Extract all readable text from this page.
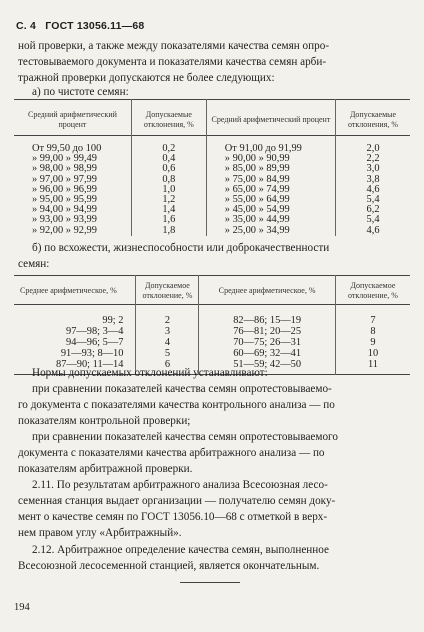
С. 4 ГОСТ 13056.11—68
ной проверки, а также между показателями качества семян опро-
тестовываемого документа и показателями качества семян арби-
тражной проверки допускаются не более следующих:
а) по чистоте семян:
Средний арифметический процент	Допускаемые отклонения, %	Средний арифметический процент	Допускаемые отклонения, %
От 99,50 до 100	0,2	От 91,00 до 91,99	2,0
» 99,00 » 99,49	0,4	» 90,00 » 90,99	2,2
» 98,00 » 98,99	0,6	» 85,00 » 89,99	3,0
» 97,00 » 97,99	0,8	» 75,00 » 84,99	3,8
» 96,00 » 96,99	1,0	» 65,00 » 74,99	4,6
» 95,00 » 95,99	1,2	» 55,00 » 64,99	5,4
» 94,00 » 94,99	1,4	» 45,00 » 54,99	6,2
» 93,00 » 93,99	1,6	» 35,00 » 44,99	5,4
» 92,00 » 92,99	1,8	» 25,00 » 34,99	4,6
б) по всхожести, жизнеспособности или доброкачественности
семян:
Среднее арифметическое, %	Допускаемое отклонение, %	Среднее арифметическое, %	Допускаемое отклонение, %
99; 2	2	82—86; 15—19	7
97—98; 3—4	3	76—81; 20—25	8
94—96; 5—7	4	70—75; 26—31	9
91—93; 8—10	5	60—69; 32—41	10
87—90; 11—14	6	51—59; 42—50	11
Нормы допускаемых отклонений устанавливают:
при сравнении показателей качества семян опротестовываемо-
го документа с показателями качества контрольного анализа — по
показателям контрольной проверки;
при сравнении показателей качества семян опротестовываемого
документа с показателями качества арбитражного анализа — по
показателям арбитражной проверки.
2.11. По результатам арбитражного анализа Всесоюзная лесо-
семенная станция выдает организации — получателю семян доку-
мент о качестве семян по ГОСТ 13056.10—68 с отметкой в верх-
нем правом углу «Арбитражный».
2.12. Арбитражное определение качества семян, выполненное
Всесоюзной лесосеменной станцией, является окончательным.
194
